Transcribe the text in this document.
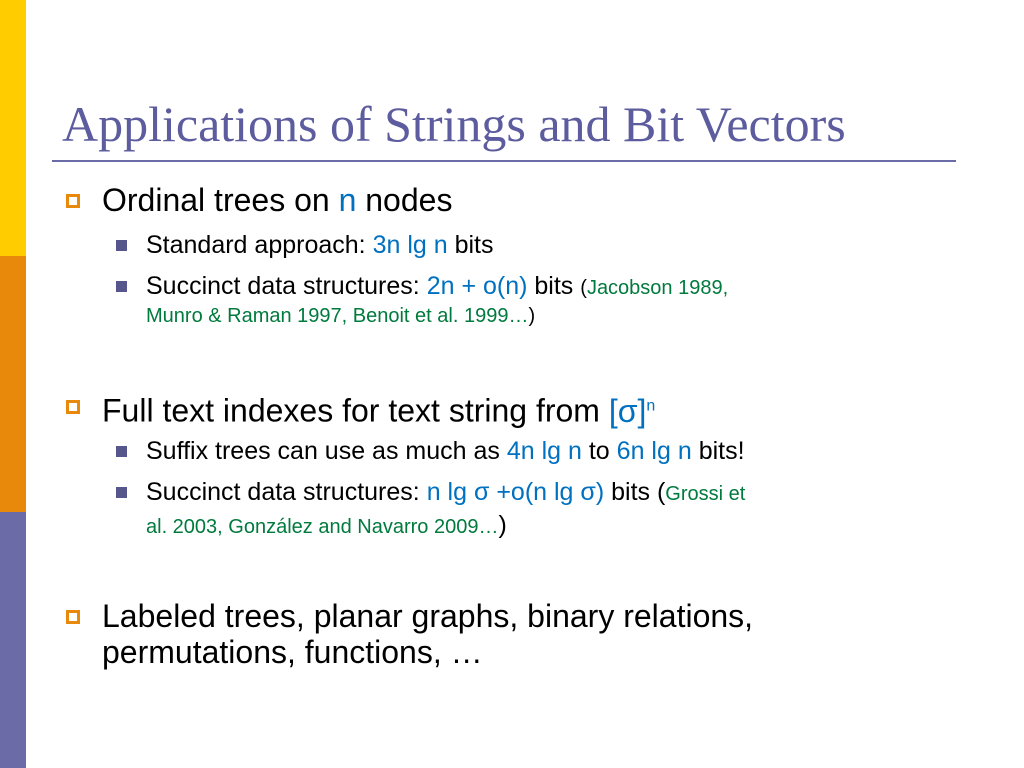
Applications of Strings and Bit Vectors
Ordinal trees on n nodes
Standard approach: 3n lg n bits
Succinct data structures: 2n + o(n) bits (Jacobson 1989,
Munro & Raman 1997, Benoit et al. 1999…)
Full text indexes for text string from $[\sigma]^n$
Suffix trees can use as much as 4n lg n to 6n lg n bits!
Succinct data structures: n lg σ +o(n lg σ) bits (Grossi et
al. 2003, González and Navarro 2009…)
Labeled trees, planar graphs, binary relations, permutations, functions, …
